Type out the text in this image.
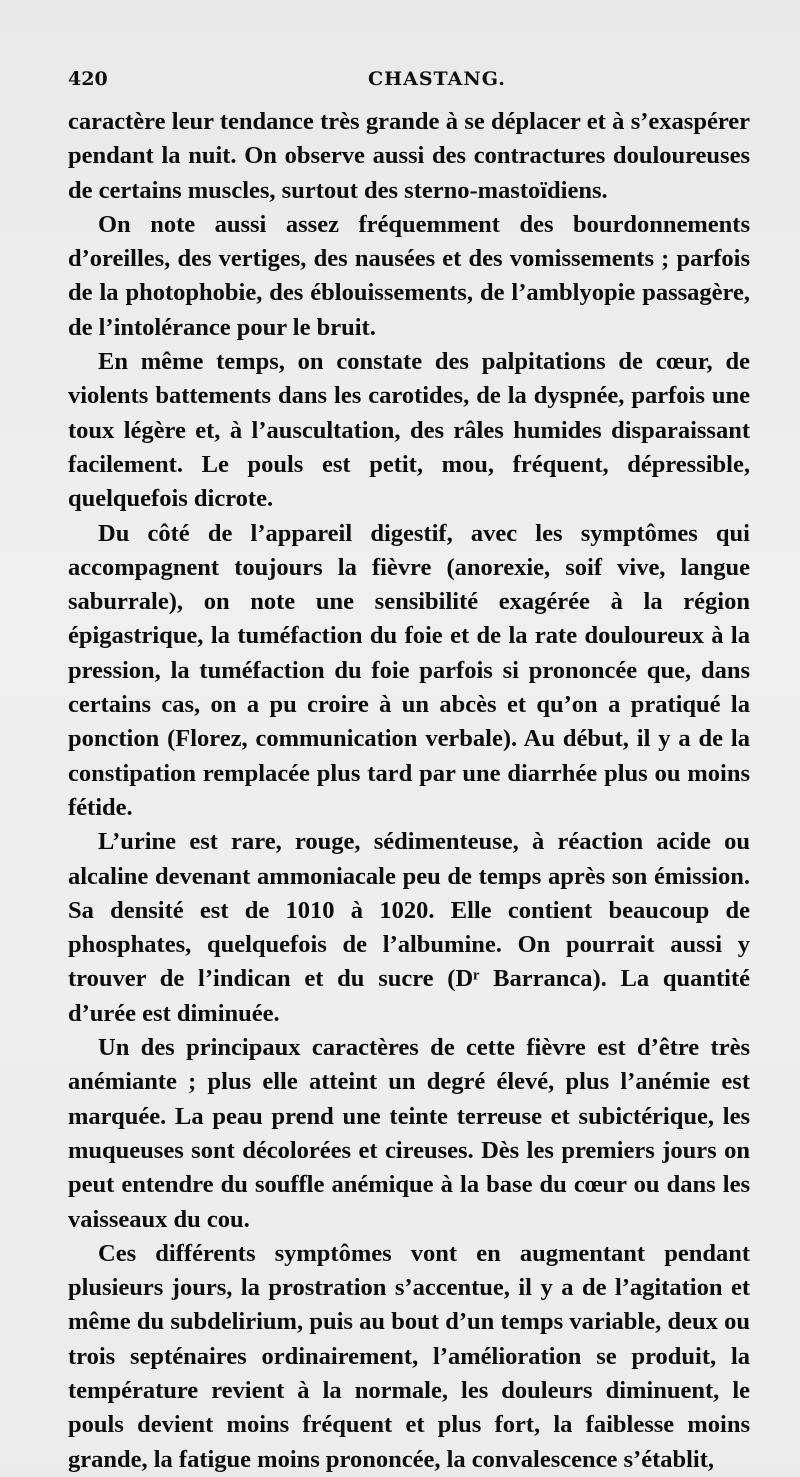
420	CHASTANG.

caractère leur tendance très grande à se déplacer et à s’exaspérer pendant la nuit. On observe aussi des contractures douloureuses de certains muscles, surtout des sterno-mastoïdiens.

On note aussi assez fréquemment des bourdonnements d’oreilles, des vertiges, des nausées et des vomissements ; parfois de la photophobie, des éblouissements, de l’amblyopie passagère, de l’intolérance pour le bruit.

En même temps, on constate des palpitations de cœur, de violents battements dans les carotides, de la dyspnée, parfois une toux légère et, à l’auscultation, des râles humides disparaissant facilement. Le pouls est petit, mou, fréquent, dépressible, quelquefois dicrote.

Du côté de l’appareil digestif, avec les symptômes qui accompagnent toujours la fièvre (anorexie, soif vive, langue saburrale), on note une sensibilité exagérée à la région épigastrique, la tuméfaction du foie et de la rate douloureux à la pression, la tuméfaction du foie parfois si prononcée que, dans certains cas, on a pu croire à un abcès et qu’on a pratiqué la ponction (Florez, communication verbale). Au début, il y a de la constipation remplacée plus tard par une diarrhée plus ou moins fétide.

L’urine est rare, rouge, sédimenteuse, à réaction acide ou alcaline devenant ammoniacale peu de temps après son émission. Sa densité est de 1010 à 1020. Elle contient beaucoup de phosphates, quelquefois de l’albumine. On pourrait aussi y trouver de l’indican et du sucre (Dʳ Barranca). La quantité d’urée est diminuée.

Un des principaux caractères de cette fièvre est d’être très anémiante ; plus elle atteint un degré élevé, plus l’anémie est marquée. La peau prend une teinte terreuse et subictérique, les muqueuses sont décolorées et cireuses. Dès les premiers jours on peut entendre du souffle anémique à la base du cœur ou dans les vaisseaux du cou.

Ces différents symptômes vont en augmentant pendant plusieurs jours, la prostration s’accentue, il y a de l’agitation et même du subdelirium, puis au bout d’un temps variable, deux ou trois septénaires ordinairement, l’amélioration se produit, la température revient à la normale, les douleurs diminuent, le pouls devient moins fréquent et plus fort, la faiblesse moins grande, la fatigue moins prononcée, la convalescence s’établit,
